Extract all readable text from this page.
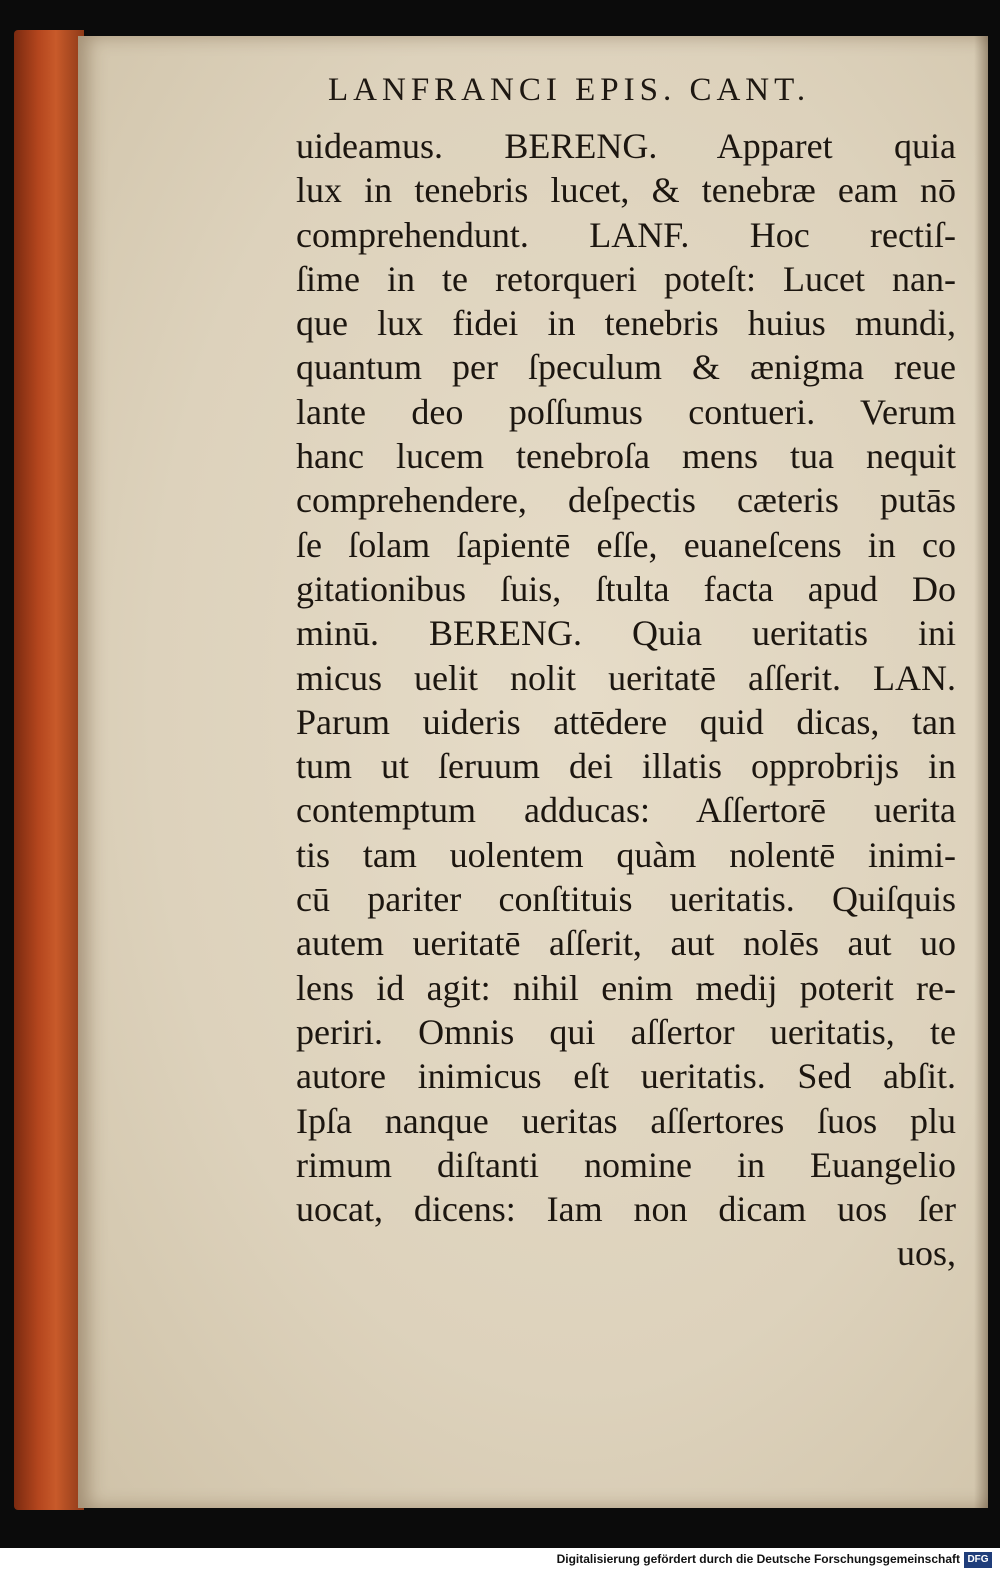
LANFRANCI EPIS. CANT.
uideamus. BERENG. Apparet quia
lux in tenebris lucet, & tenebræ eam nō
comprehendunt. LANF. Hoc rectiſ-
ſime in te retorqueri poteſt: Lucet nan-
que lux fidei in tenebris huius mundi,
quantum per ſpeculum & ænigma reue
lante deo poſſumus contueri. Verum
hanc lucem tenebroſa mens tua nequit
comprehendere, deſpectis cæteris putās
ſe ſolam ſapientē eſſe, euaneſcens in co
gitationibus ſuis, ſtulta facta apud Do
minū. BERENG. Quia ueritatis ini
micus uelit nolit ueritatē aſſerit. LAN.
Parum uideris attēdere quid dicas, tan
tum ut ſeruum dei illatis opprobrijs in
contemptum adducas: Aſſertorē uerita
tis tam uolentem quàm nolentē inimi-
cū pariter conſtituis ueritatis. Quiſquis
autem ueritatē aſſerit, aut nolēs aut uo
lens id agit: nihil enim medij poterit re-
periri. Omnis qui aſſertor ueritatis, te
autore inimicus eſt ueritatis. Sed abſit.
Ipſa nanque ueritas aſſertores ſuos plu
rimum diſtanti nomine in Euangelio
uocat, dicens: Iam non dicam uos ſer
uos,
Digitalisierung gefördert durch die Deutsche Forschungsgemeinschaft DFG
